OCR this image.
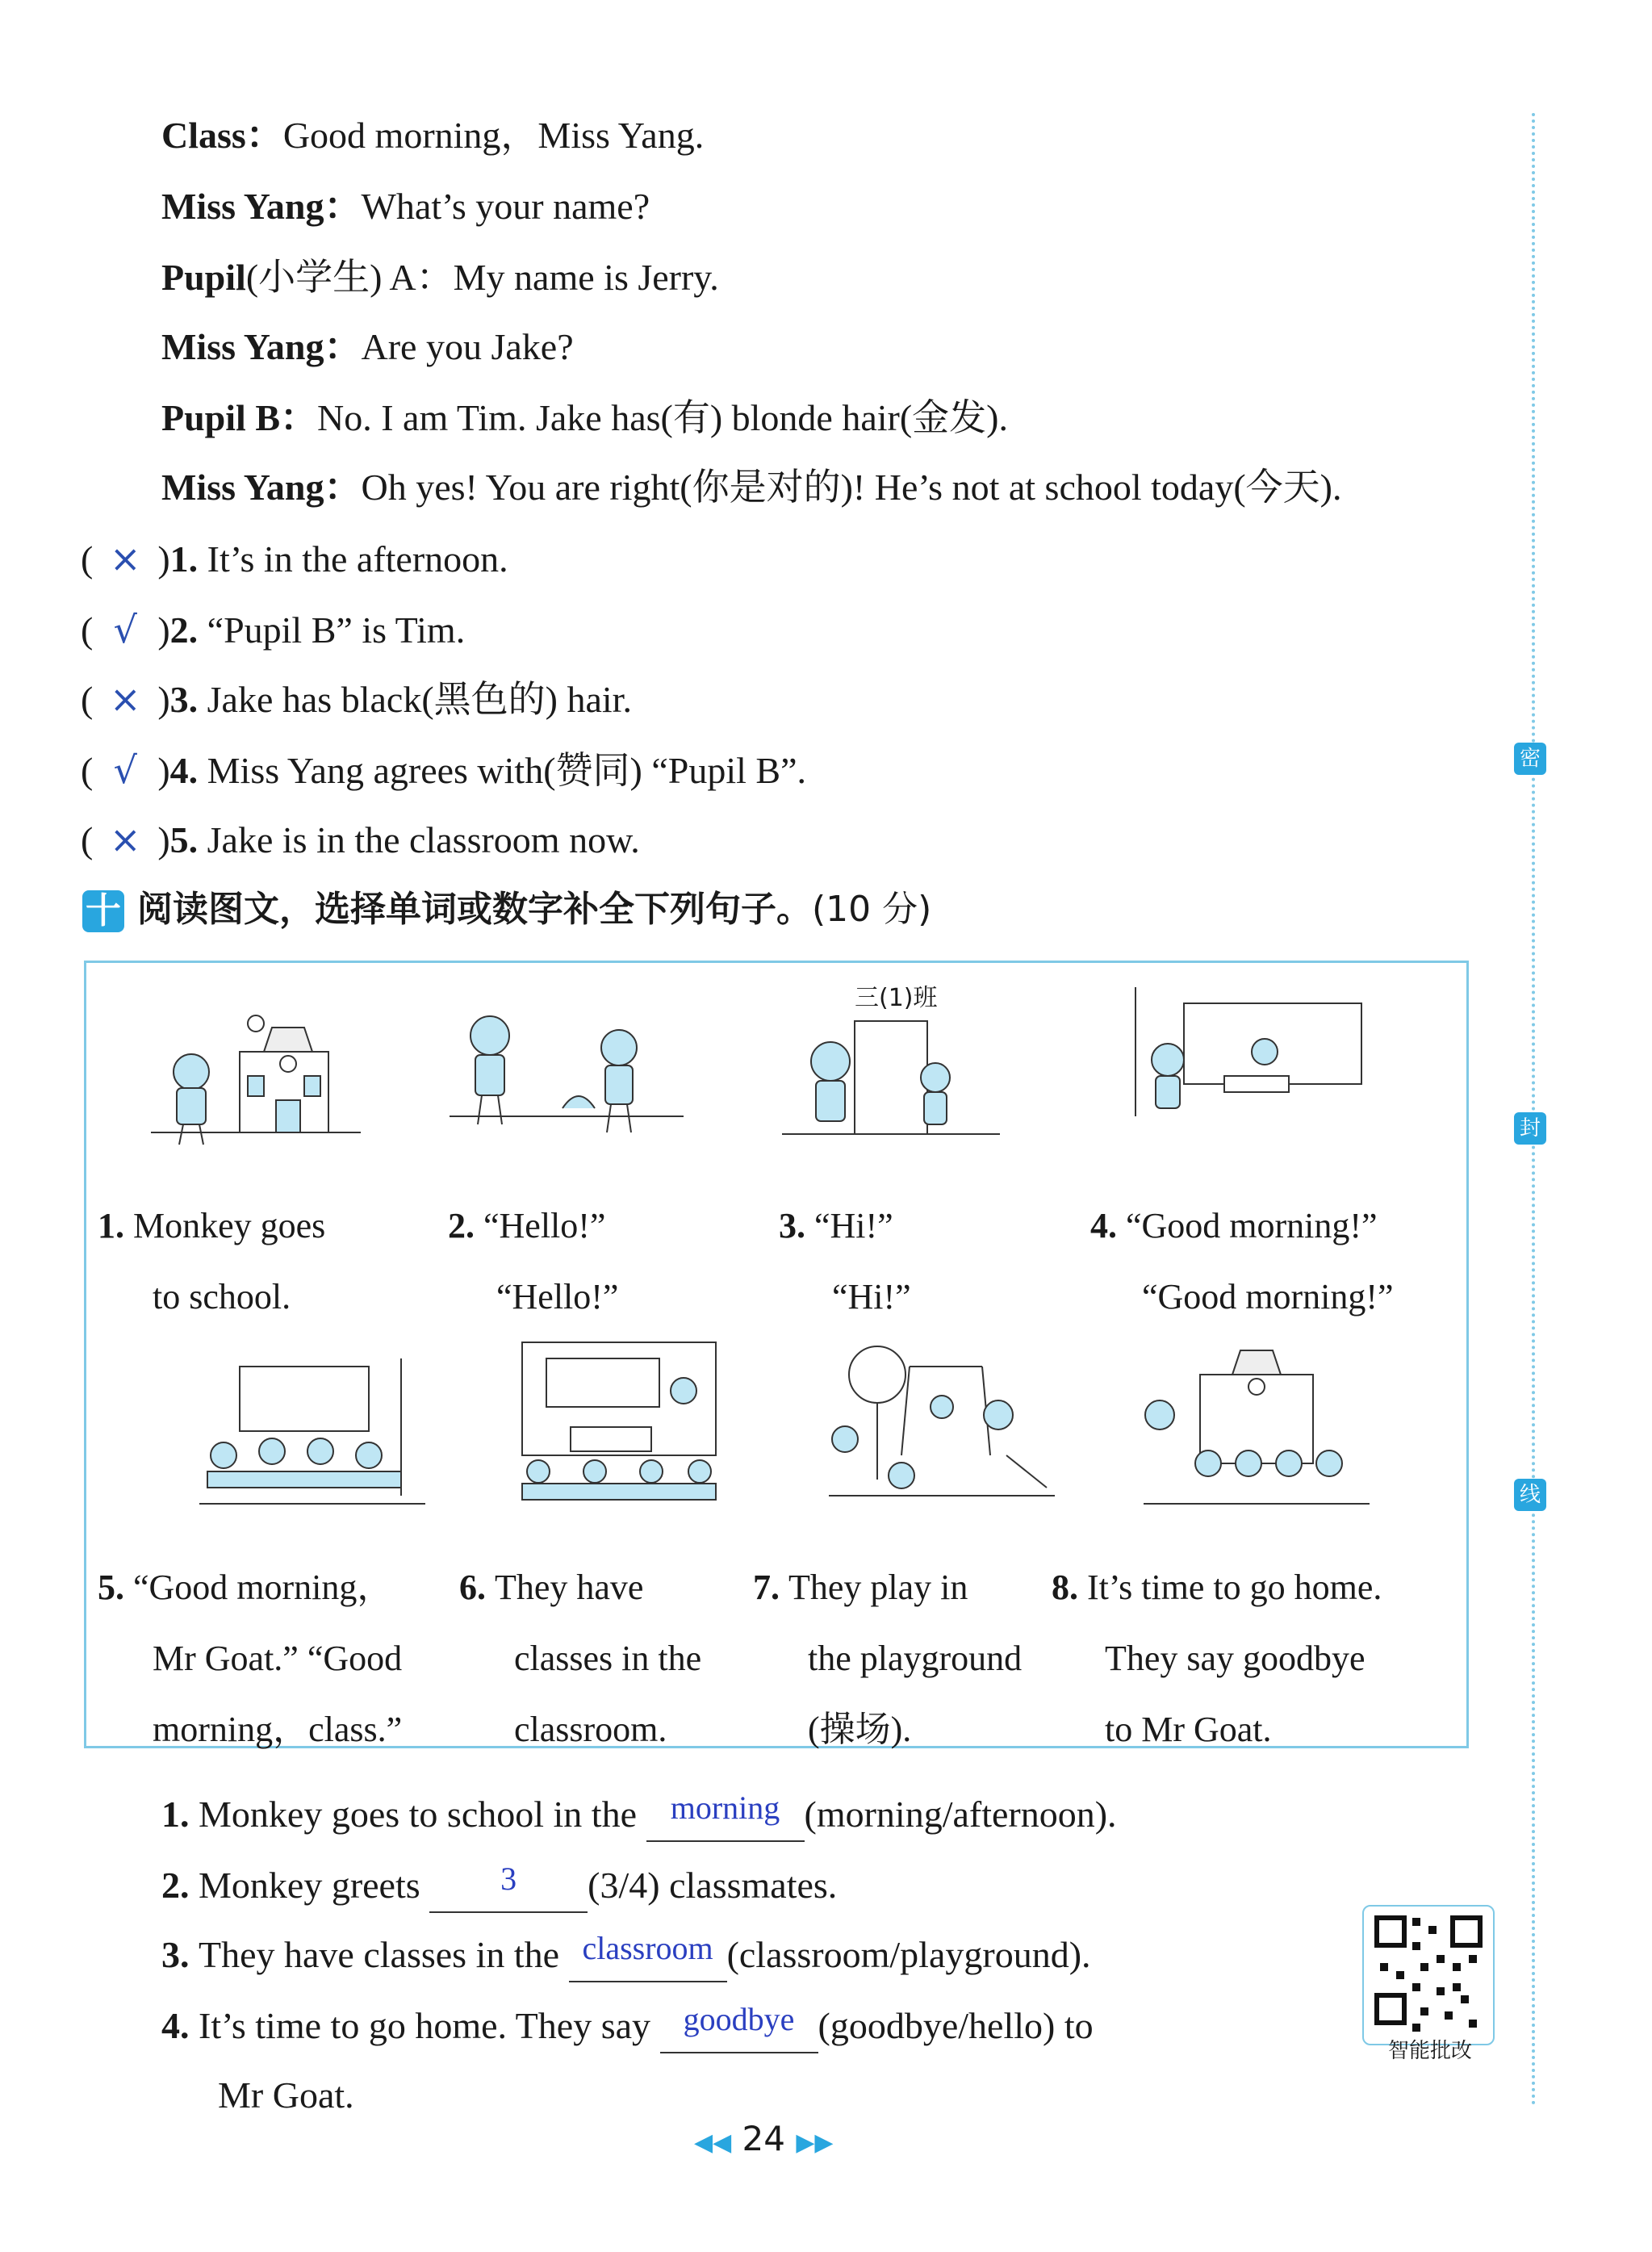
Class：Good morning，Miss Yang.
Miss Yang：What’s your name?
Pupil(小学生) A：My name is Jerry.
Miss Yang：Are you Jake?
Pupil B：No. I am Tim. Jake has(有) blonde hair(金发).
Miss Yang：Oh yes! You are right(你是对的)! He’s not at school today(今天).
( × )1. It’s in the afternoon.
( √ )2. “Pupil B” is Tim.
( × )3. Jake has black(黑色的) hair.
( √ )4. Miss Yang agrees with(赞同) “Pupil B”.
( × )5. Jake is in the classroom now.
十 阅读图文，选择单词或数字补全下列句子。(10 分)
三(1)班
1. Monkey goes
to school.
2. “Hello!”
“Hello!”
3. “Hi!”
“Hi!”
4. “Good morning!”
“Good morning!”
5. “Good morning，
Mr Goat.” “Good
morning，class.”
6. They have
classes in the
classroom.
7. They play in
the playground
(操场).
8. It’s time to go home.
They say goodbye
to Mr Goat.
1. Monkey goes to school in the morning (morning/afternoon).
2. Monkey greets 3 (3/4) classmates.
3. They have classes in the classroom (classroom/playground).
4. It’s time to go home. They say goodbye (goodbye/hello) to
Mr Goat.
智能批改
密
封
线
◀◀ 24 ▶▶
